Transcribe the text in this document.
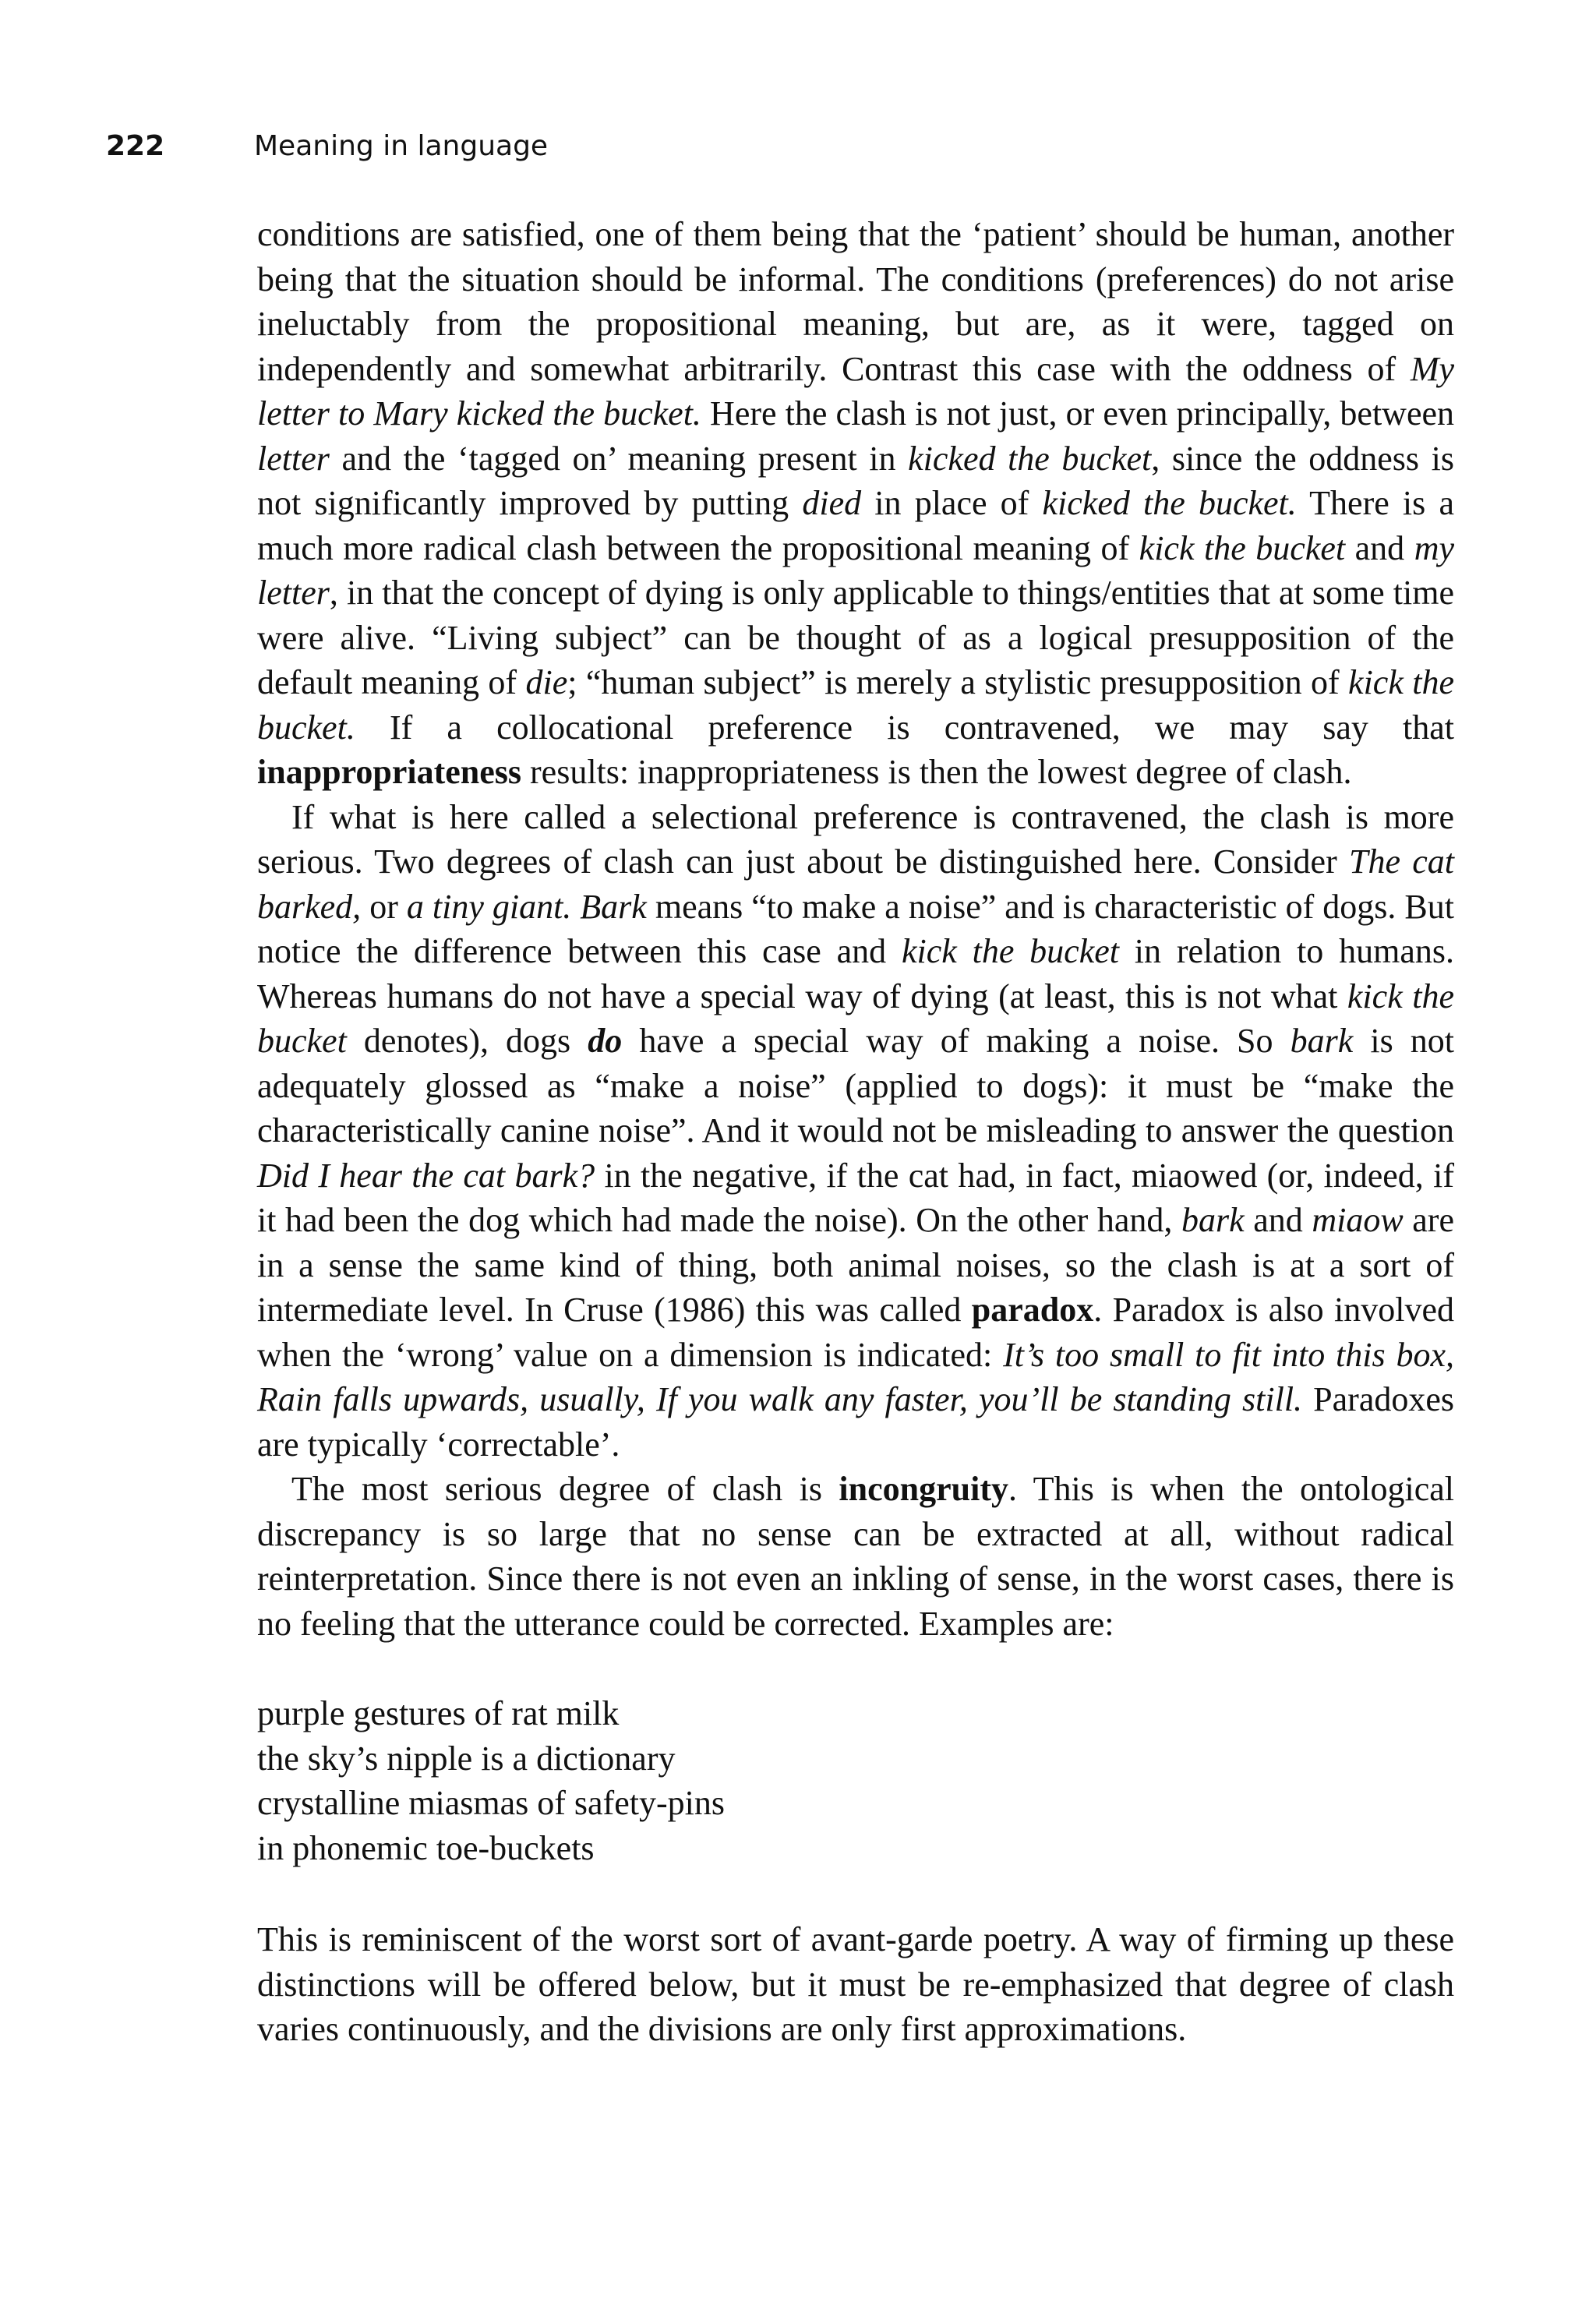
222	Meaning in language

conditions are satisfied, one of them being that the ‘patient’ should be human, another being that the situation should be informal. The conditions (preferences) do not arise ineluctably from the propositional meaning, but are, as it were, tagged on independently and somewhat arbitrarily. Contrast this case with the oddness of My letter to Mary kicked the bucket. Here the clash is not just, or even principally, between letter and the ‘tagged on’ meaning present in kicked the bucket, since the oddness is not significantly improved by putting died in place of kicked the bucket. There is a much more radical clash between the propositional meaning of kick the bucket and my letter, in that the concept of dying is only applicable to things/entities that at some time were alive. “Living subject” can be thought of as a logical presupposition of the default meaning of die; “human subject” is merely a stylistic presupposition of kick the bucket. If a collocational preference is contravened, we may say that inappropriateness results: inappropriateness is then the lowest degree of clash.

If what is here called a selectional preference is contravened, the clash is more serious. Two degrees of clash can just about be distinguished here. Consider The cat barked, or a tiny giant. Bark means “to make a noise” and is characteristic of dogs. But notice the difference between this case and kick the bucket in relation to humans. Whereas humans do not have a special way of dying (at least, this is not what kick the bucket denotes), dogs do have a special way of making a noise. So bark is not adequately glossed as “make a noise” (applied to dogs): it must be “make the characteristically canine noise”. And it would not be misleading to answer the question Did I hear the cat bark? in the negative, if the cat had, in fact, miaowed (or, indeed, if it had been the dog which had made the noise). On the other hand, bark and miaow are in a sense the same kind of thing, both animal noises, so the clash is at a sort of intermediate level. In Cruse (1986) this was called paradox. Paradox is also involved when the ‘wrong’ value on a dimension is indicated: It’s too small to fit into this box, Rain falls upwards, usually, If you walk any faster, you’ll be standing still. Paradoxes are typically ‘correctable’.

The most serious degree of clash is incongruity. This is when the ontological discrepancy is so large that no sense can be extracted at all, without radical reinterpretation. Since there is not even an inkling of sense, in the worst cases, there is no feeling that the utterance could be corrected. Examples are:

purple gestures of rat milk
the sky’s nipple is a dictionary
crystalline miasmas of safety-pins
in phonemic toe-buckets

This is reminiscent of the worst sort of avant-garde poetry. A way of firming up these distinctions will be offered below, but it must be re-emphasized that degree of clash varies continuously, and the divisions are only first approximations.
